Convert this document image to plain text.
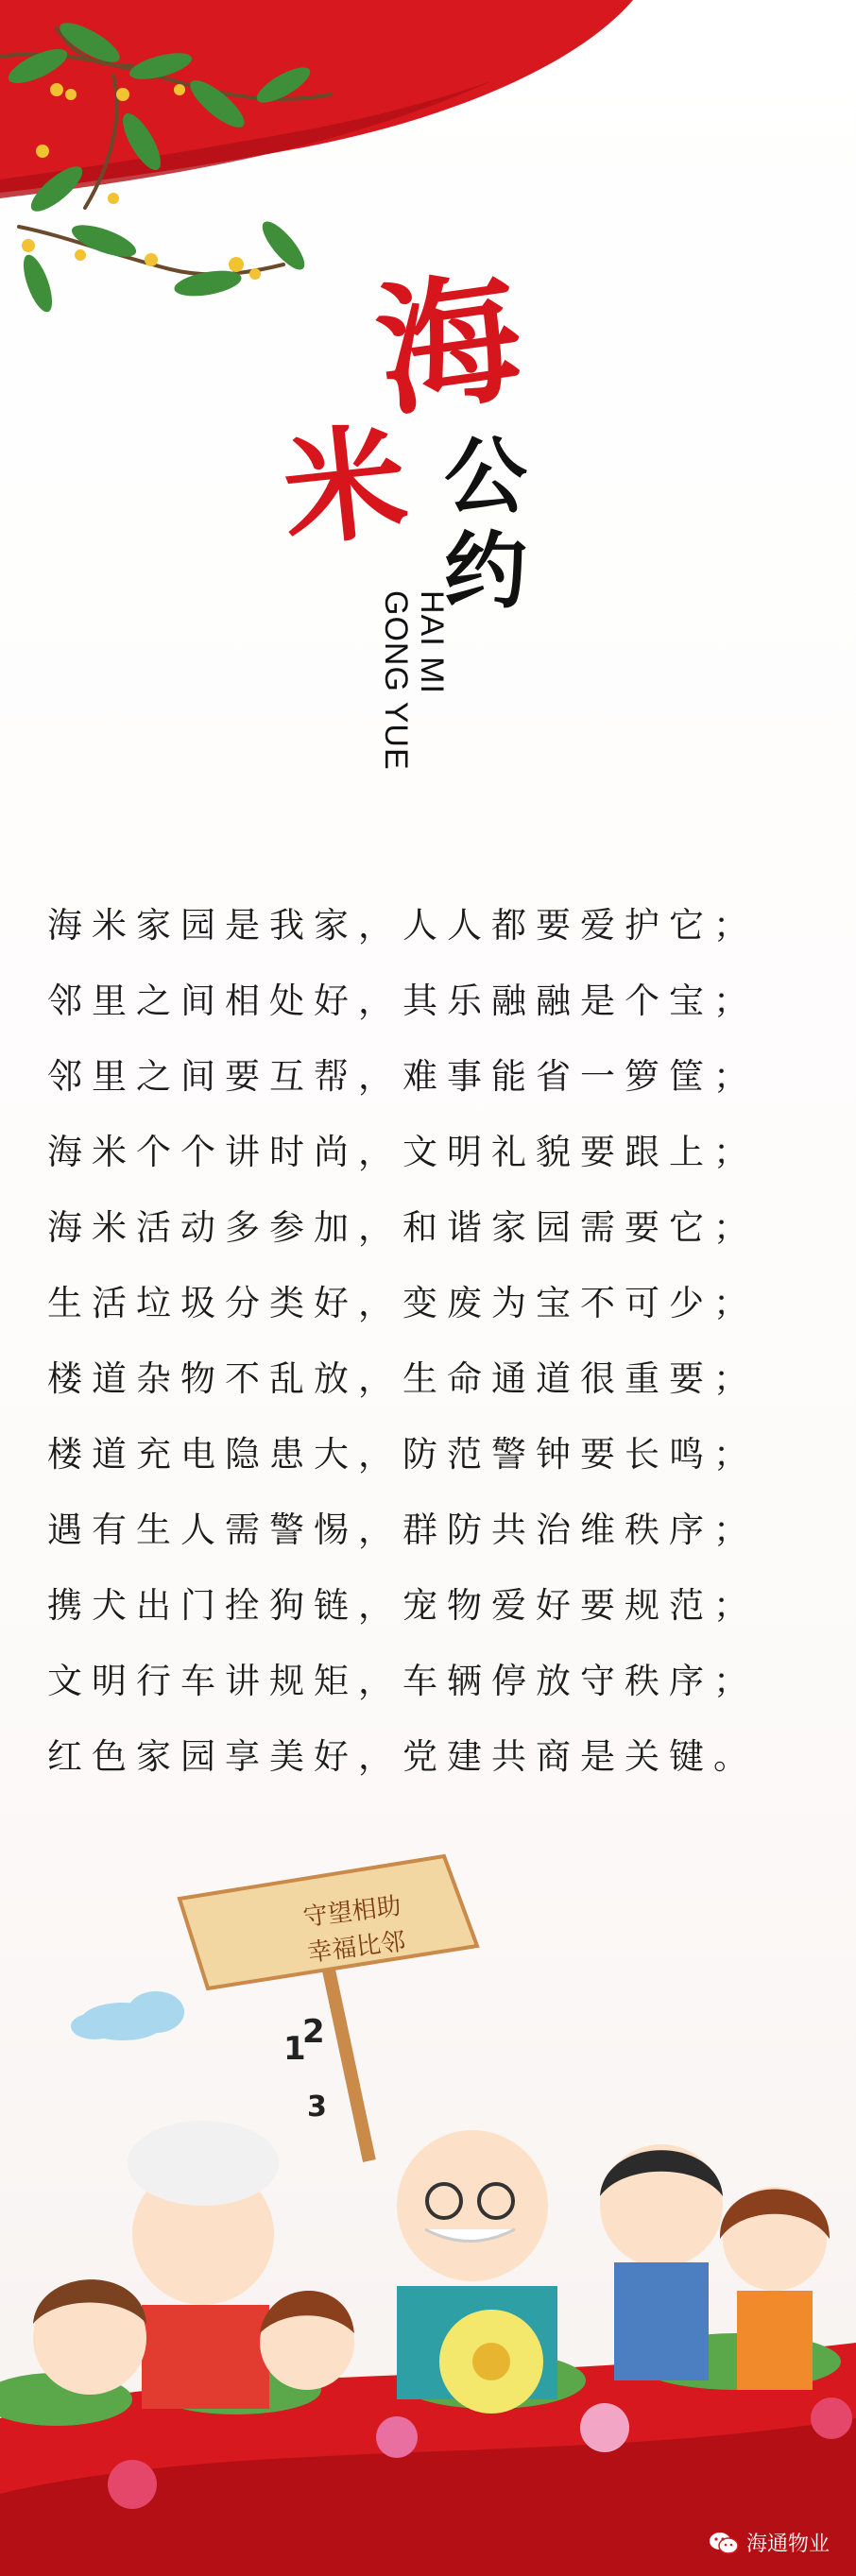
海
米 公
约
HAI MI
GONG YUE
海米家园是我家，人人都要爱护它；
邻里之间相处好，其乐融融是个宝；
邻里之间要互帮，难事能省一箩筐；
海米个个讲时尚，文明礼貌要跟上；
海米活动多参加，和谐家园需要它；
生活垃圾分类好，变废为宝不可少；
楼道杂物不乱放，生命通道很重要；
楼道充电隐患大，防范警钟要长鸣；
遇有生人需警惕，群防共治维秩序；
携犬出门拴狗链，宠物爱好要规范；
文明行车讲规矩，车辆停放守秩序；
红色家园享美好，党建共商是关键。
1
2
3
守望相助
幸福比邻
海通物业
